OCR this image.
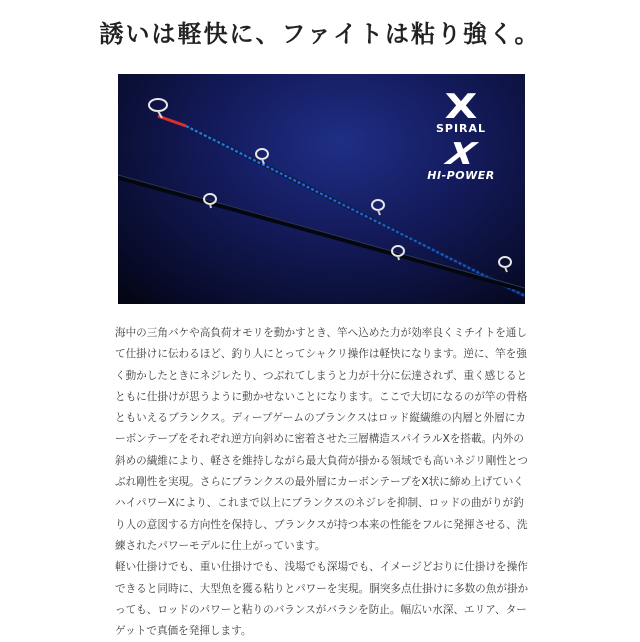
誘いは軽快に、ファイトは粘り強く。
X
SPIRAL
X
HI-POWER

海中の三角バケや高負荷オモリを動かすとき、竿へ込めた力が効率良くミチイトを通して仕掛けに伝わるほど、釣り人にとってシャクリ操作は軽快になります。逆に、竿を強く動かしたときにネジレたり、つぶれてしまうと力が十分に伝達されず、重く感じるとともに仕掛けが思うように動かせないことになります。ここで大切になるのが竿の骨格ともいえるブランクス。ディープゲームのブランクスはロッド縦繊維の内層と外層にカーボンテープをそれぞれ逆方向斜めに密着させた三層構造スパイラルXを搭載。内外の斜めの繊維により、軽さを維持しながら最大負荷が掛かる領域でも高いネジリ剛性とつぶれ剛性を実現。さらにブランクスの最外層にカーボンテープをX状に締め上げていくハイパワーXにより、これまで以上にブランクスのネジレを抑制、ロッドの曲がりが釣り人の意図する方向性を保持し、ブランクスが持つ本来の性能をフルに発揮させる、洗練されたパワーモデルに仕上がっています。
軽い仕掛けでも、重い仕掛けでも、浅場でも深場でも、イメージどおりに仕掛けを操作できると同時に、大型魚を獲る粘りとパワーを実現。胴突多点仕掛けに多数の魚が掛かっても、ロッドのパワーと粘りのバランスがバラシを防止。幅広い水深、エリア、ターゲットで真価を発揮します。
